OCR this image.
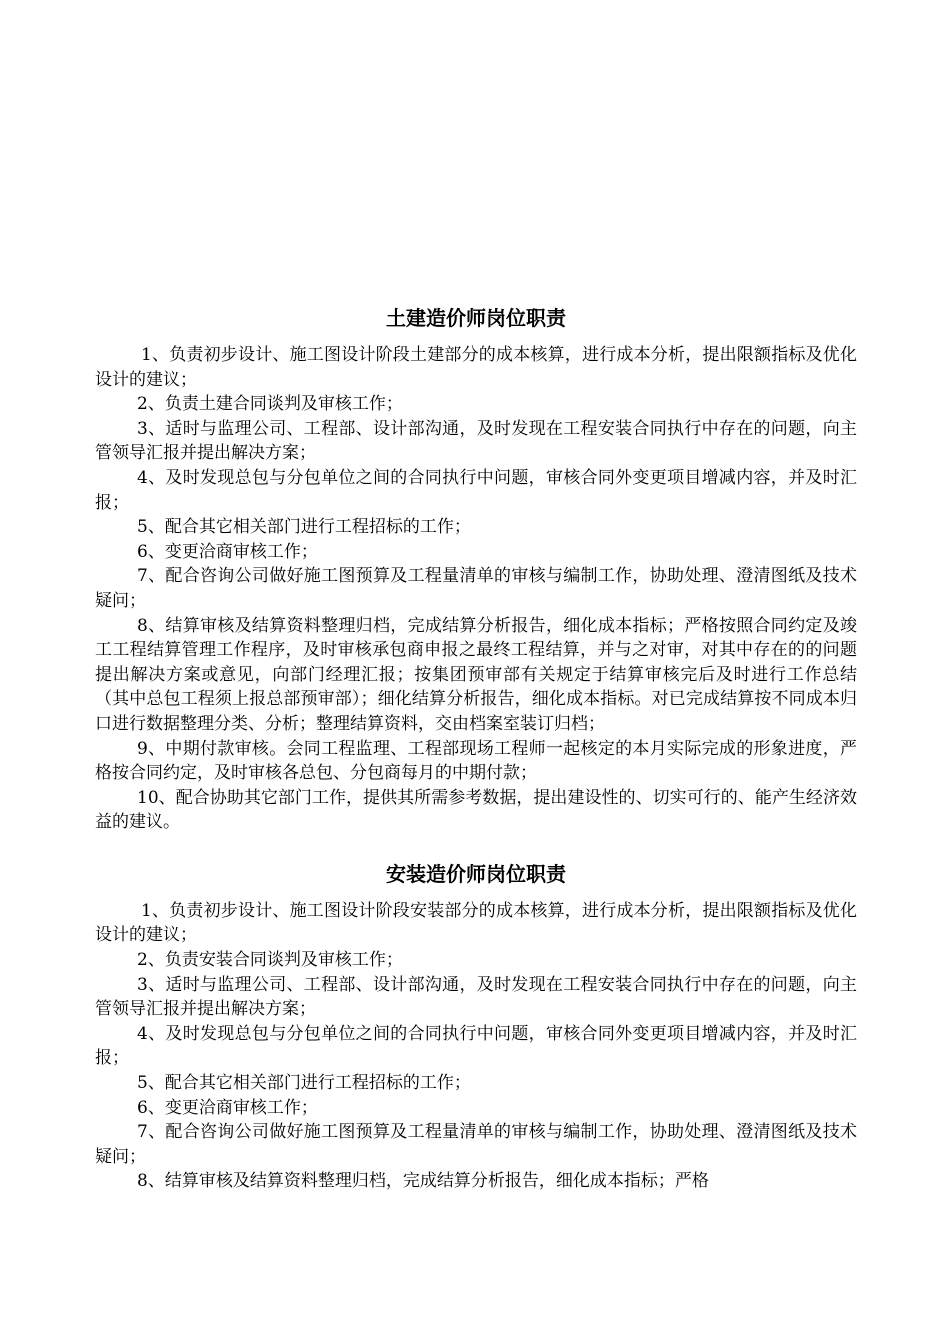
土建造价师岗位职责

1、负责初步设计、施工图设计阶段土建部分的成本核算，进行成本分析，提出限额指标及优化设计的建议；

2、负责土建合同谈判及审核工作；

3、适时与监理公司、工程部、设计部沟通，及时发现在工程安装合同执行中存在的问题，向主管领导汇报并提出解决方案；

4、及时发现总包与分包单位之间的合同执行中问题，审核合同外变更项目增减内容，并及时汇报；

5、配合其它相关部门进行工程招标的工作；

6、变更洽商审核工作；

7、配合咨询公司做好施工图预算及工程量清单的审核与编制工作，协助处理、澄清图纸及技术疑问；

8、结算审核及结算资料整理归档，完成结算分析报告，细化成本指标；严格按照合同约定及竣工工程结算管理工作程序，及时审核承包商申报之最终工程结算，并与之对审，对其中存在的的问题提出解决方案或意见，向部门经理汇报；按集团预审部有关规定于结算审核完后及时进行工作总结（其中总包工程须上报总部预审部）；细化结算分析报告，细化成本指标。对已完成结算按不同成本归口进行数据整理分类、分析；整理结算资料，交由档案室装订归档；

9、中期付款审核。会同工程监理、工程部现场工程师一起核定的本月实际完成的形象进度，严格按合同约定，及时审核各总包、分包商每月的中期付款；

10、配合协助其它部门工作，提供其所需参考数据，提出建设性的、切实可行的、能产生经济效益的建议。

安装造价师岗位职责

1、负责初步设计、施工图设计阶段安装部分的成本核算，进行成本分析，提出限额指标及优化设计的建议；

2、负责安装合同谈判及审核工作；

3、适时与监理公司、工程部、设计部沟通，及时发现在工程安装合同执行中存在的问题，向主管领导汇报并提出解决方案；

4、及时发现总包与分包单位之间的合同执行中问题，审核合同外变更项目增减内容，并及时汇报；

5、配合其它相关部门进行工程招标的工作；

6、变更洽商审核工作；

7、配合咨询公司做好施工图预算及工程量清单的审核与编制工作，协助处理、澄清图纸及技术疑问；

8、结算审核及结算资料整理归档，完成结算分析报告，细化成本指标；严格
